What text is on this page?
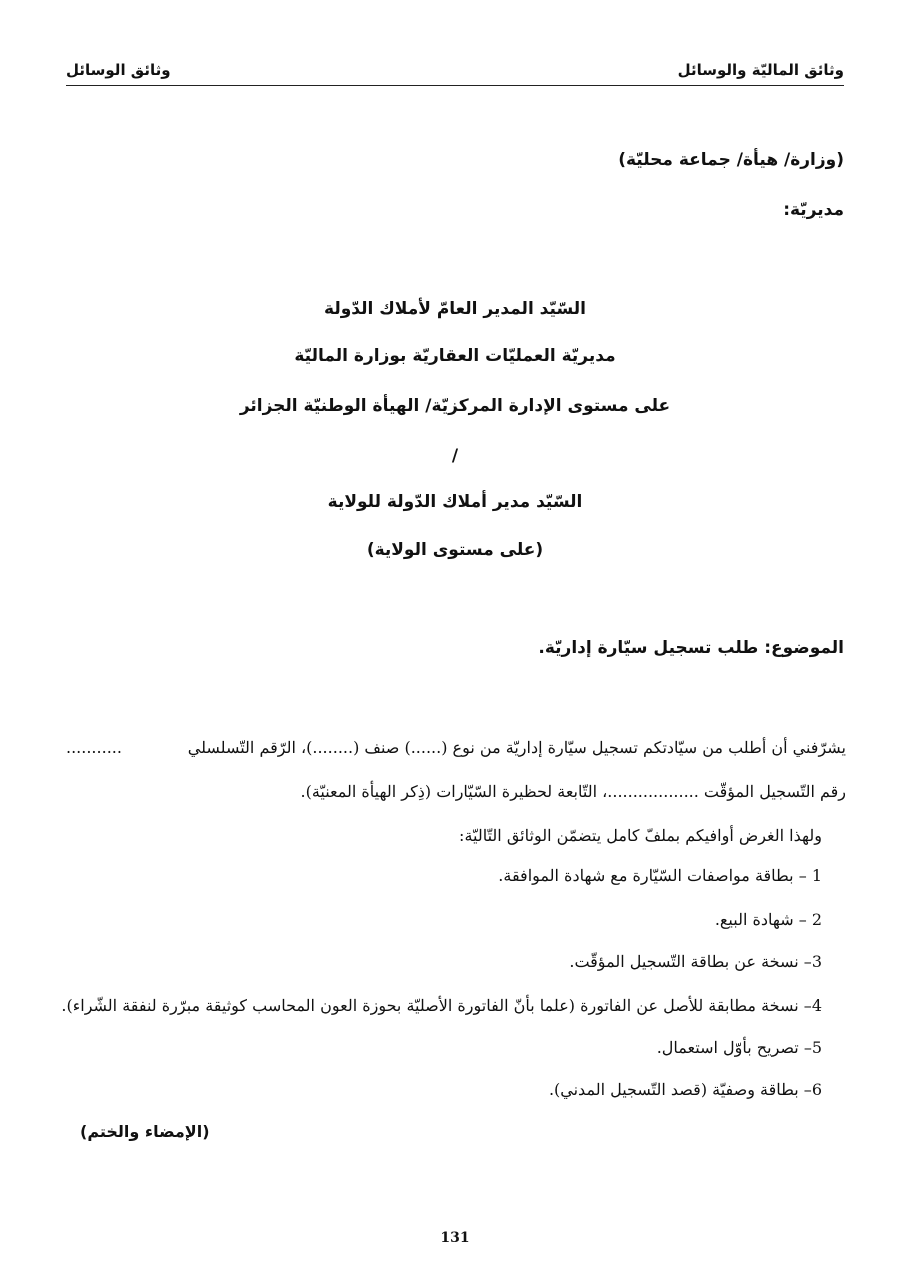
وثائق الماليّة والوسائل
وثائق الوسائل
(وزارة/ هيأة/ جماعة محليّة)
مديريّة:
السّيّد المدير العامّ لأملاك الدّولة
مديريّة العمليّات العقاريّة بوزارة الماليّة
على مستوى الإدارة المركزيّة/ الهيأة الوطنيّة الجزائر
/
السّيّد مدير أملاك الدّولة للولاية
(على مستوى الولاية)
الموضوع: طلب تسجيل سيّارة إداريّة.
يشرّفني أن أطلب من سيّادتكم تسجيل سيّارة إداريّة من نوع (......) صنف (........)، الرّقم التّسلسلي
...........
رقم التّسجيل المؤقّت ..................، التّابعة لحظيرة السّيّارات (ذِكر الهيأة المعنيّة).
ولهذا الغرض أوافيكم بملفّ كامل يتضمّن الوثائق التّاليّة:
1 – بطاقة مواصفات السّيّارة مع شهادة الموافقة.
2 – شهادة البيع.
3– نسخة عن بطاقة التّسجيل المؤقّت.
4– نسخة مطابقة للأصل عن الفاتورة (علما بأنّ الفاتورة الأصليّة بحوزة العون المحاسب كوثيقة مبرّرة لنفقة الشّراء).
5– تصريح بأوّل استعمال.
6– بطاقة وصفيّة (قصد التّسجيل المدني).
(الإمضاء والختم)
131
